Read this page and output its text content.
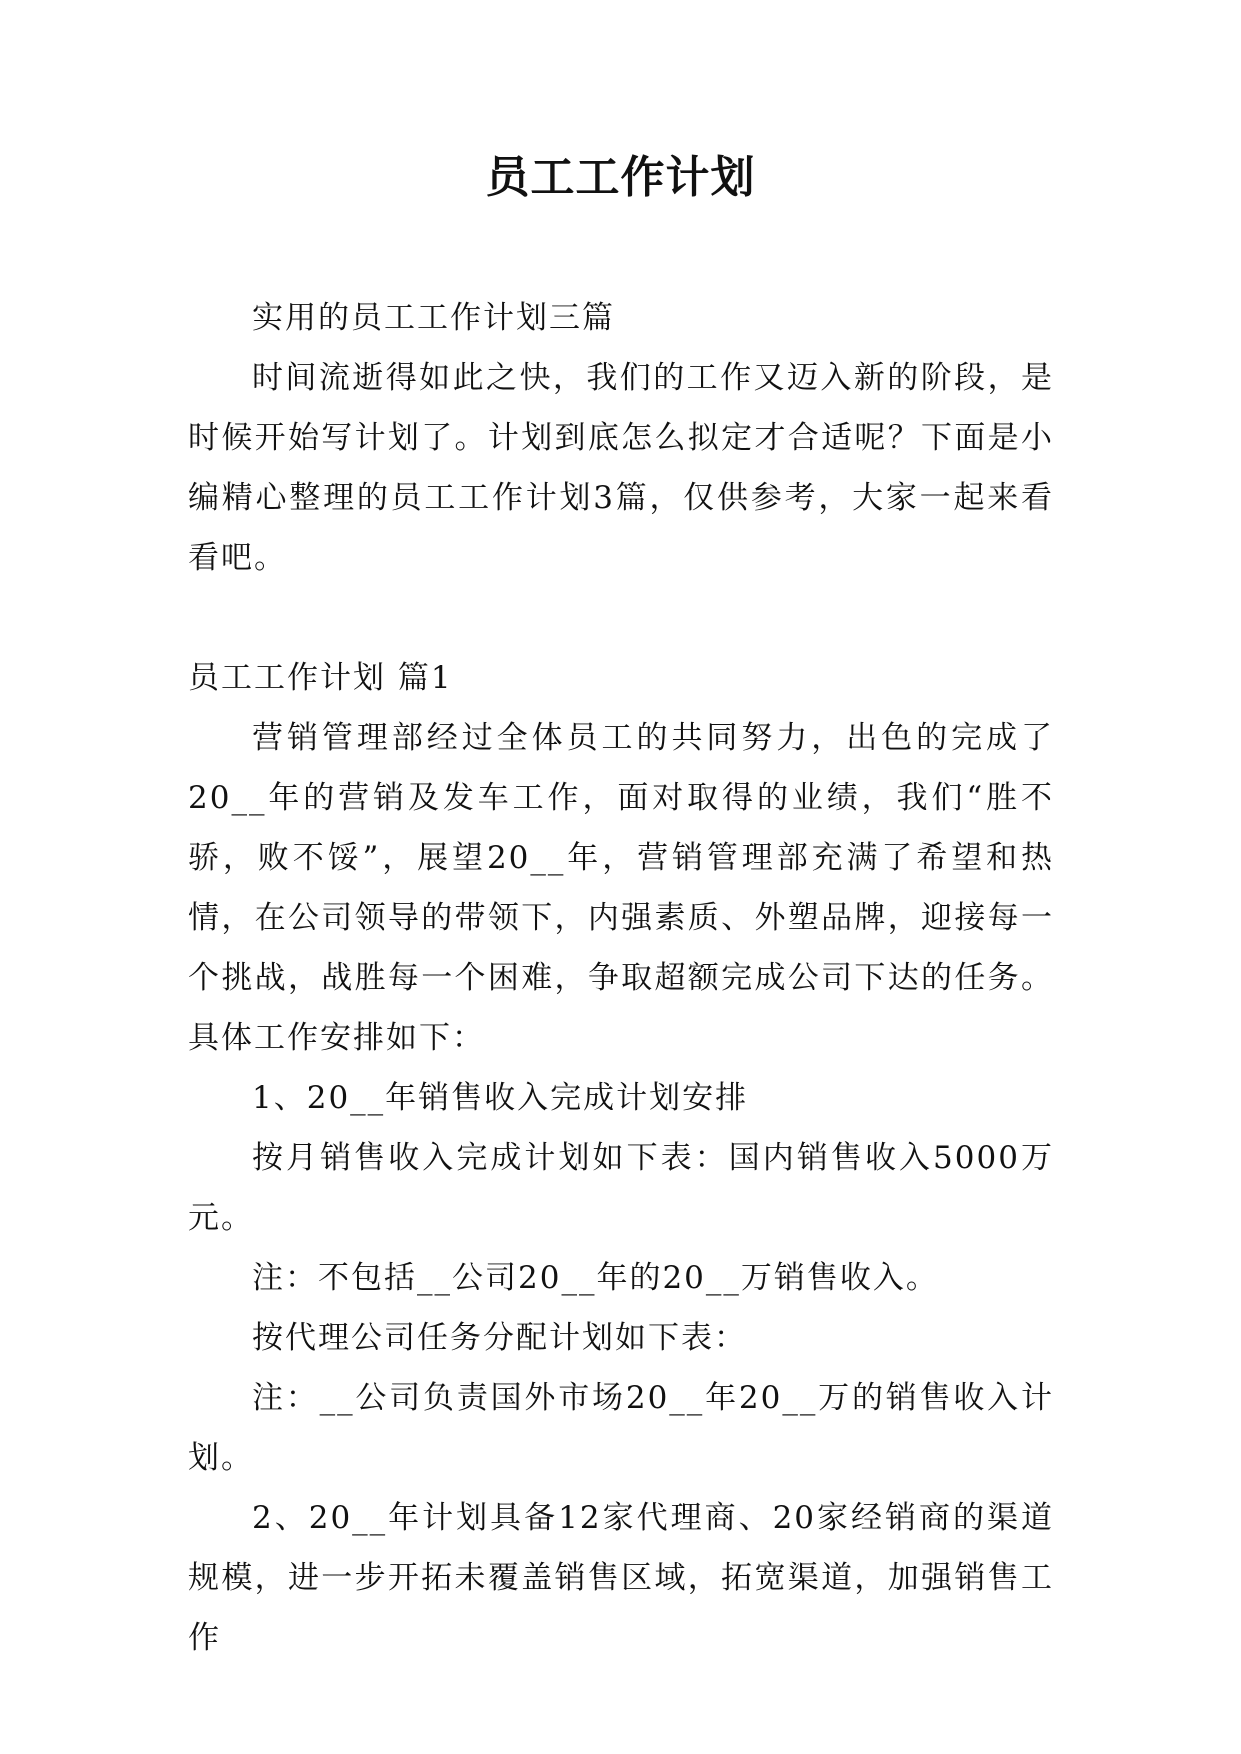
员工工作计划

实用的员工工作计划三篇

时间流逝得如此之快，我们的工作又迈入新的阶段，是时候开始写计划了。计划到底怎么拟定才合适呢？下面是小编精心整理的员工工作计划3篇，仅供参考，大家一起来看看吧。

员工工作计划 篇1

营销管理部经过全体员工的共同努力，出色的完成了20__年的营销及发车工作，面对取得的业绩，我们“胜不骄，败不馁”，展望20__年，营销管理部充满了希望和热情，在公司领导的带领下，内强素质、外塑品牌，迎接每一个挑战，战胜每一个困难，争取超额完成公司下达的任务。具体工作安排如下：

1、20__年销售收入完成计划安排

按月销售收入完成计划如下表：国内销售收入5000万元。

注：不包括__公司20__年的20__万销售收入。

按代理公司任务分配计划如下表：

注：__公司负责国外市场20__年20__万的销售收入计划。

2、20__年计划具备12家代理商、20家经销商的渠道规模，进一步开拓未覆盖销售区域，拓宽渠道，加强销售工作
